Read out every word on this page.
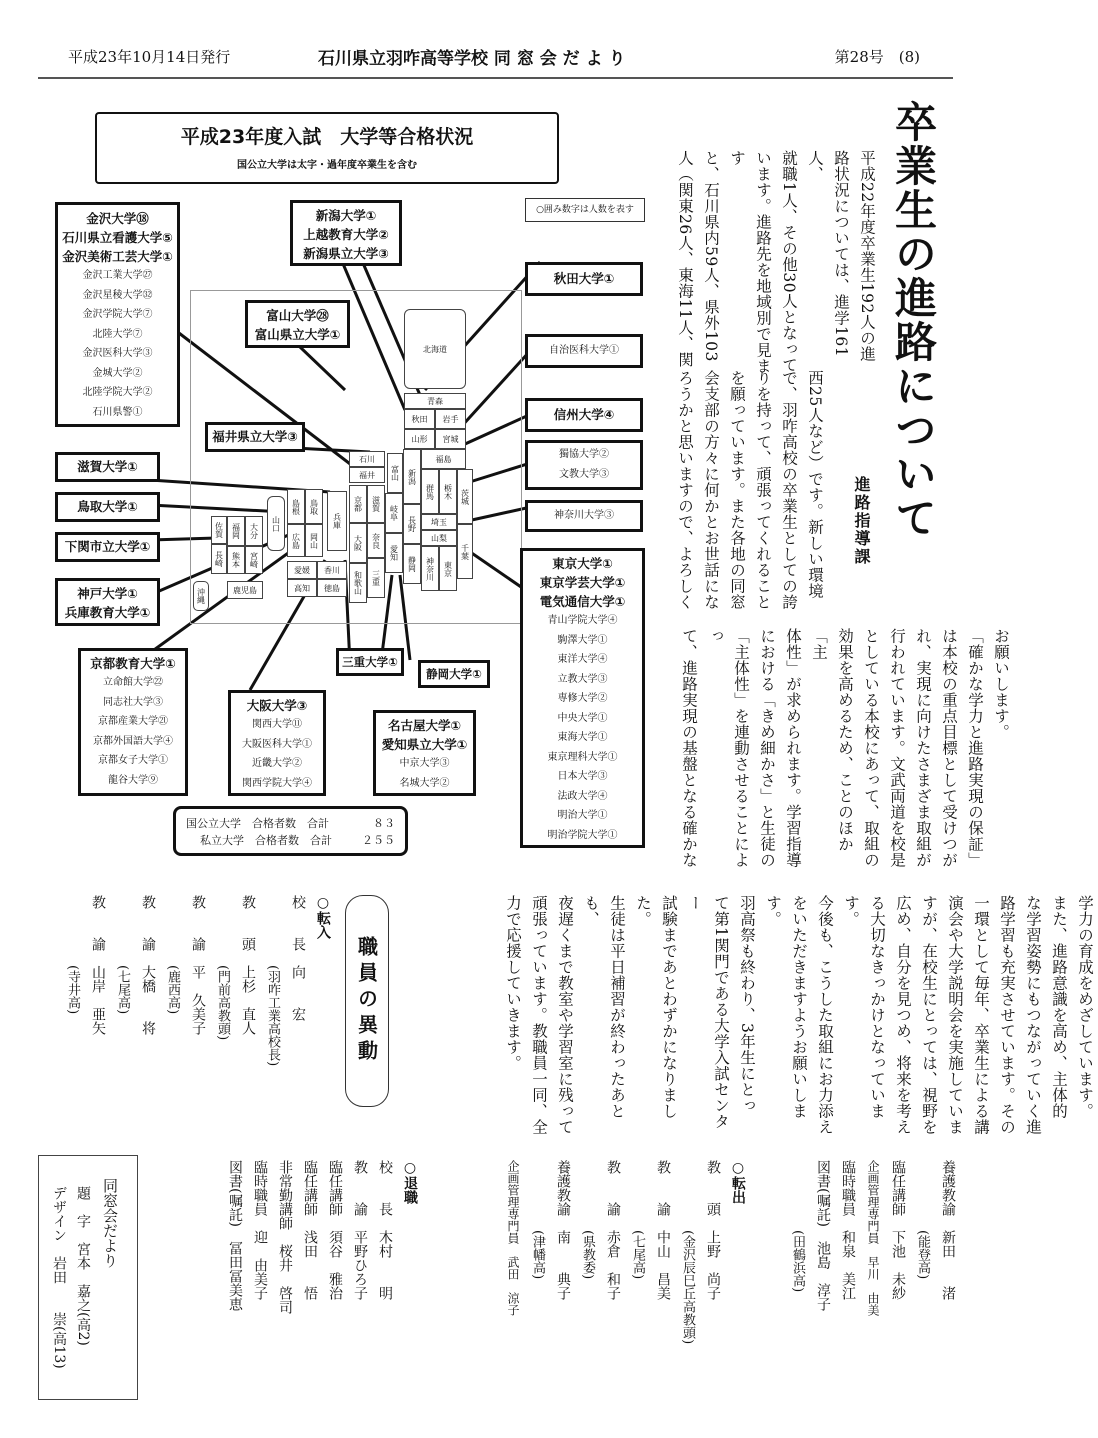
平成23年10月14日発行	石川県立羽咋高等学校 同 窓 会 だ よ り	第28号　(8)
平成23年度入試　大学等合格状況
国公立大学は太字・過年度卒業生を含む
○囲み数字は人数を表す
北海道
青森
秋田	岩手
山形	宮城
福島
新潟
群馬	栃木	茨城
石川
富山
福井
滋賀
岐阜
長野	埼玉
山梨
島根	鳥取	京都
兵庫
山口
佐賀	福岡	大分
広島	岡山	奈良
愛知
静岡	神奈川	東京
千葉
長崎	熊本	宮崎
大阪
愛媛	香川
和歌山	三重
沖縄	鹿児島	高知	徳島
金沢大学⑱
石川県立看護大学⑤
金沢美術工芸大学①
金沢工業大学㉗
金沢星稜大学㉜
金沢学院大学⑦
北陸大学⑦
金沢医科大学③
金城大学②
北陸学院大学②
石川県警①
新潟大学①
上越教育大学②
新潟県立大学③
富山大学㉘
富山県立大学①
秋田大学①
自治医科大学①
福井県立大学③
信州大学④
獨協大学②
文教大学③
神奈川大学③
滋賀大学①
鳥取大学①
下関市立大学①
神戸大学①
兵庫教育大学①
東京大学①
東京学芸大学①
電気通信大学①
青山学院大学④
駒澤大学①
東洋大学④
立教大学③
専修大学②
中央大学①
東海大学①
東京理科大学①
日本大学③
法政大学④
明治大学①
明治学院大学①
京都教育大学①
立命館大学㉒
同志社大学③
京都産業大学㉑
京都外国語大学④
京都女子大学①
龍谷大学⑨
三重大学①
静岡大学①
大阪大学③
関西大学⑪
大阪医科大学①
近畿大学②
関西学院大学④
名古屋大学①
愛知県立大学①
中京大学③
名城大学②
国公立大学　合格者数　合計	８３
私立大学　合格者数　合計	２５５
卒業生の進路について
進路指導課
平成22年度卒業生192人の進
路状況については、進学161人、
就職1人、その他30人となって
います。進路先を地域別で見ます
と、石川県内59人、県外103
人（関東26人、東海11人、関
西25人など）です。新しい環境
で、羽咋高校の卒業生としての誇
りを持って、頑張ってくれること
を願っています。また各地の同窓
会支部の方々に何かとお世話にな
ろうかと思いますので、よろしく
お願いします。
「確かな学力と進路実現の保証」
は本校の重点目標として受けつが
れ、実現に向けたさまざま取組が
行われています。文武両道を校是
としている本校にあって、取組の
効果を高めるため、ことのほか「主
体性」が求められます。学習指導
における「きめ細かさ」と生徒の
「主体性」を連動させることによっ
て、進路実現の基盤となる確かな
学力の育成をめざしています。
また、進路意識を高め、主体的
な学習姿勢にもつながっていく進
路学習も充実させています。その
一環として毎年、卒業生による講
演会や大学説明会を実施していま
すが、在校生にとっては、視野を
広め、自分を見つめ、将来を考え
る大切なきっかけとなっています。
今後も、こうした取組にお力添え
をいただきますようお願いします。
羽高祭も終わり、3年生にとっ
て第1関門である大学入試センター
試験まであとわずかになりました。
生徒は平日補習が終わったあとも、
夜遅くまで教室や学習室に残って
頑張っています。教職員一同、全
力で応援していきます。
職員の異動
○転入
校　　長　向　　宏
(羽咋工業高校長)
教　　頭　上杉　直人
(門前高教頭)
教　　諭　平　久美子
(鹿西高)
教　　諭　大橋　　将
(七尾高)
教　　諭　山岸　亜矢
(寺井高)
養護教諭　新田　　渚
(能登高)
臨任講師　下池　未紗
企画管理専門員　早川　由美
臨時職員　和泉　美江
図書(嘱託)　池島　淳子
(田鶴浜高)
○転出
教　　頭　上野　尚子
(金沢辰巳丘高教頭)
教　　諭　中山　昌美
(七尾高)
教　　諭　赤倉　和子
(県教委)
養護教諭　南　　典子
(津幡高)
企画管理専門員　武田　涼子
○退職
校　　長　木村　　明
教　　諭　平野ひろ子
臨任講師　須谷　雅治
臨任講師　浅田　　悟
非常勤講師　桜井　啓司
臨時職員　迎　由美子
図書(嘱託)　冨田冨美恵
同窓会だより
題　字　宮本　嘉之(高2)
デザイン　岩田　　崇(高13)
